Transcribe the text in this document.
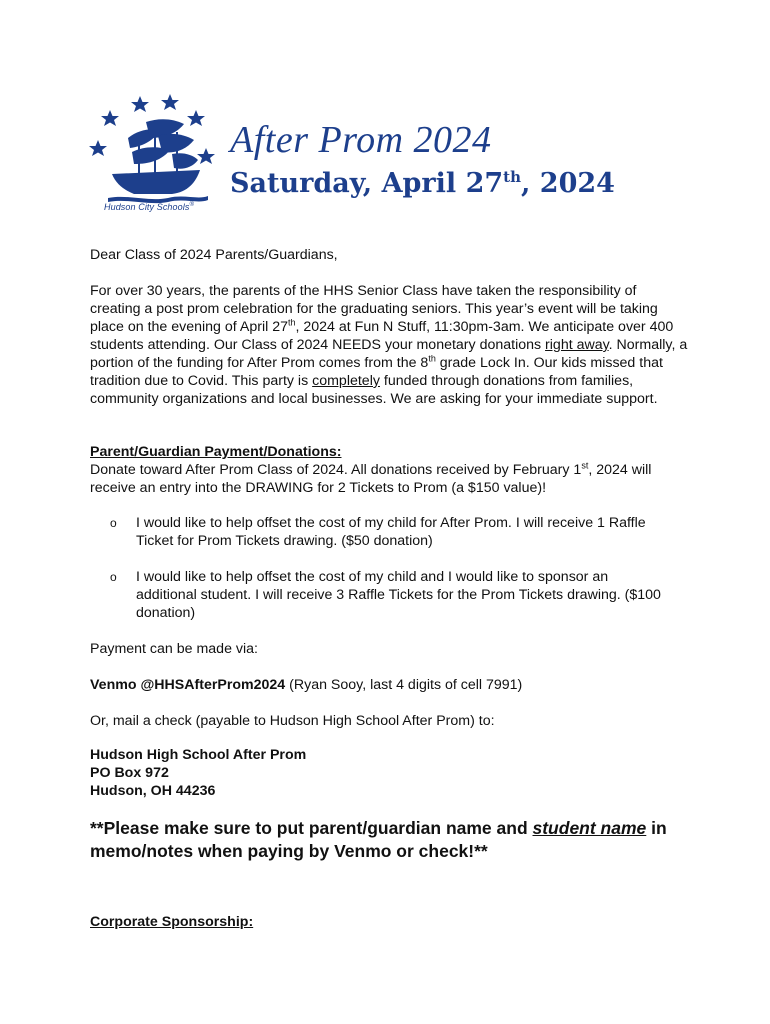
Hudson City Schools®
After Prom 2024
Saturday, April 27th, 2024
Dear Class of 2024 Parents/Guardians,
For over 30 years, the parents of the HHS Senior Class have taken the responsibility of creating a post prom celebration for the graduating seniors. This year’s event will be taking place on the evening of April 27th, 2024 at Fun N Stuff, 11:30pm-3am. We anticipate over 400 students attending. Our Class of 2024 NEEDS your monetary donations right away. Normally, a portion of the funding for After Prom comes from the 8th grade Lock In. Our kids missed that tradition due to Covid. This party is completely funded through donations from families, community organizations and local businesses. We are asking for your immediate support.
Parent/Guardian Payment/Donations:
Donate toward After Prom Class of 2024. All donations received by February 1st, 2024 will receive an entry into the DRAWING for 2 Tickets to Prom (a $150 value)!
o I would like to help offset the cost of my child for After Prom. I will receive 1 Raffle Ticket for Prom Tickets drawing. ($50 donation)
o I would like to help offset the cost of my child and I would like to sponsor an additional student. I will receive 3 Raffle Tickets for the Prom Tickets drawing. ($100 donation)
Payment can be made via:
Venmo @HHSAfterProm2024 (Ryan Sooy, last 4 digits of cell 7991)
Or, mail a check (payable to Hudson High School After Prom) to:
Hudson High School After Prom
PO Box 972
Hudson, OH 44236
**Please make sure to put parent/guardian name and student name in memo/notes when paying by Venmo or check!**
Corporate Sponsorship:
